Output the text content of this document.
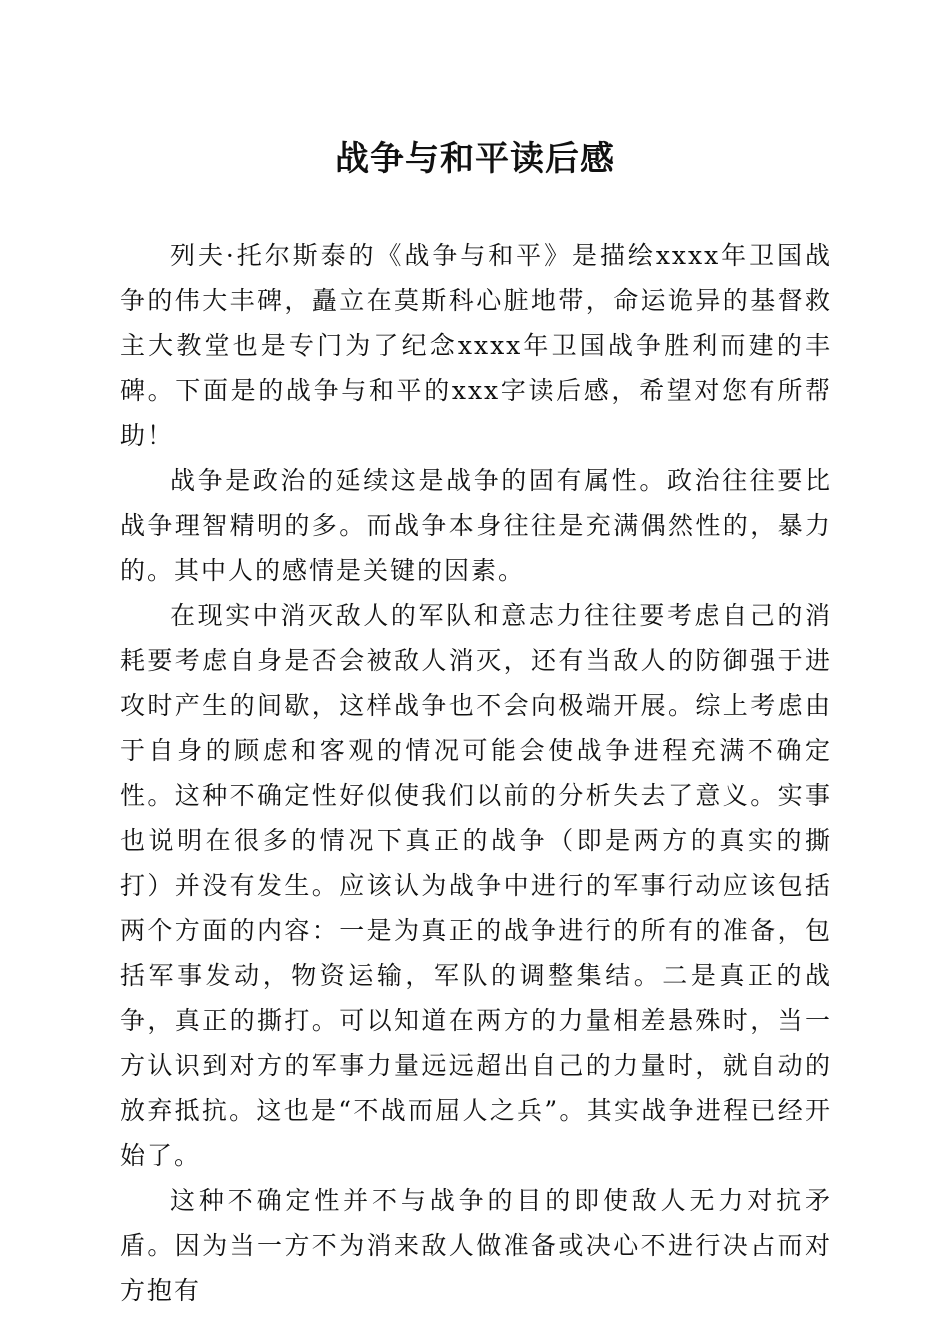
战争与和平读后感

列夫·托尔斯泰的《战争与和平》是描绘xxxx年卫国战争的伟大丰碑，矗立在莫斯科心脏地带，命运诡异的基督救主大教堂也是专门为了纪念xxxx年卫国战争胜利而建的丰碑。下面是的战争与和平的xxx字读后感，希望对您有所帮助！

战争是政治的延续这是战争的固有属性。政治往往要比战争理智精明的多。而战争本身往往是充满偶然性的，暴力的。其中人的感情是关键的因素。

在现实中消灭敌人的军队和意志力往往要考虑自己的消耗要考虑自身是否会被敌人消灭，还有当敌人的防御强于进攻时产生的间歇，这样战争也不会向极端开展。综上考虑由于自身的顾虑和客观的情况可能会使战争进程充满不确定性。这种不确定性好似使我们以前的分析失去了意义。实事也说明在很多的情况下真正的战争（即是两方的真实的撕打）并没有发生。应该认为战争中进行的军事行动应该包括两个方面的内容：一是为真正的战争进行的所有的准备，包括军事发动，物资运输，军队的调整集结。二是真正的战争，真正的撕打。可以知道在两方的力量相差悬殊时，当一方认识到对方的军事力量远远超出自己的力量时，就自动的放弃抵抗。这也是“不战而屈人之兵”。其实战争进程已经开始了。

这种不确定性并不与战争的目的即使敌人无力对抗矛盾。因为当一方不为消来敌人做准备或决心不进行决占而对方抱有
